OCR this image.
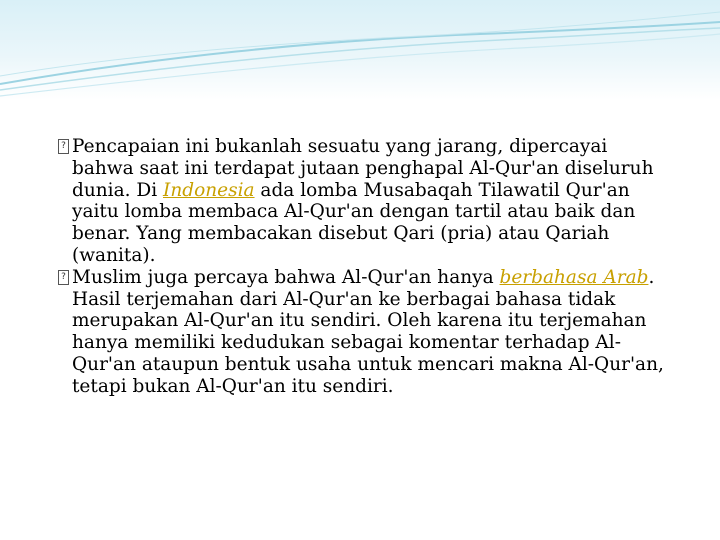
?
Pencapaian ini bukanlah sesuatu yang jarang, dipercayai bahwa saat ini terdapat jutaan penghapal Al-Qur'an diseluruh dunia. Di Indonesia ada lomba Musabaqah Tilawatil Qur'an yaitu lomba membaca Al-Qur'an dengan tartil atau baik dan benar. Yang membacakan disebut Qari (pria) atau Qariah (wanita).

?
Muslim juga percaya bahwa Al-Qur'an hanya berbahasa Arab. Hasil terjemahan dari Al-Qur'an ke berbagai bahasa tidak merupakan Al-Qur'an itu sendiri. Oleh karena itu terjemahan hanya memiliki kedudukan sebagai komentar terhadap Al-Qur'an ataupun bentuk usaha untuk mencari makna Al-Qur'an, tetapi bukan Al-Qur'an itu sendiri.
